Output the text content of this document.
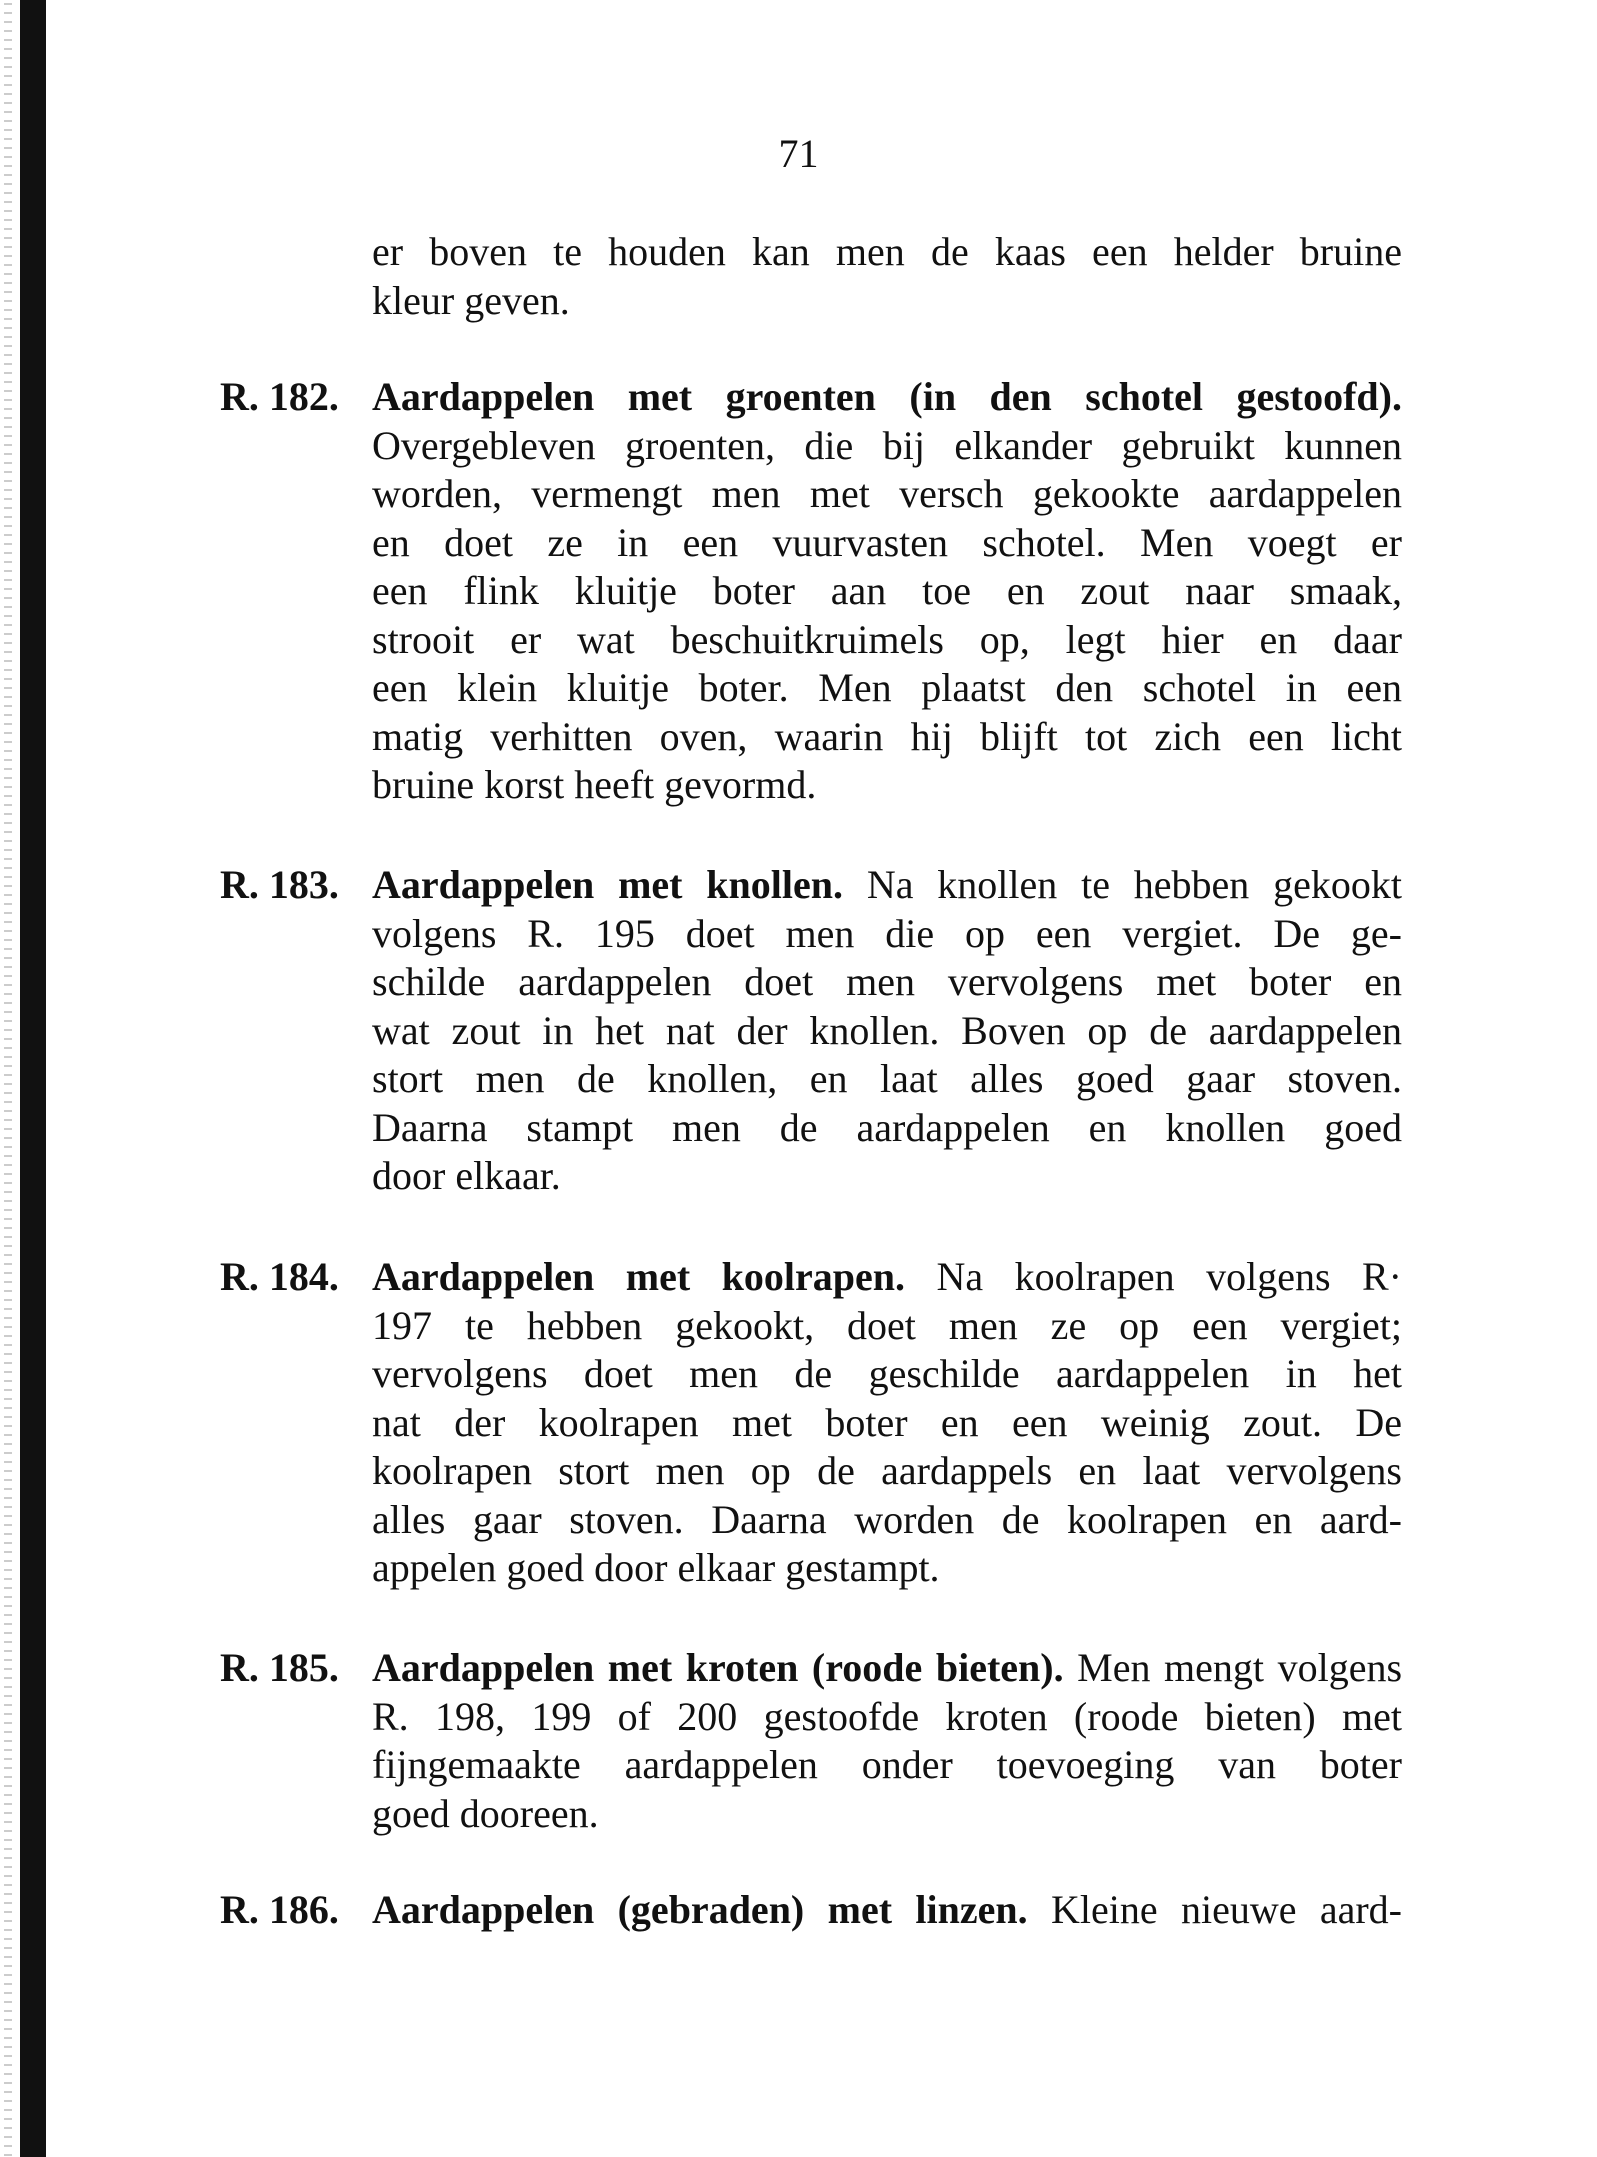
71
er boven te houden kan men de kaas een helder bruine
kleur geven.
R. 182. Aardappelen met groenten (in den schotel gestoofd).
Overgebleven groenten, die bij elkander gebruikt kunnen
worden, vermengt men met versch gekookte aardappelen
en doet ze in een vuurvasten schotel. Men voegt er
een flink kluitje boter aan toe en zout naar smaak,
strooit er wat beschuitkruimels op, legt hier en daar
een klein kluitje boter. Men plaatst den schotel in een
matig verhitten oven, waarin hij blijft tot zich een licht
bruine korst heeft gevormd.
R. 183. Aardappelen met knollen. Na knollen te hebben gekookt
volgens R. 195 doet men die op een vergiet. De ge-
schilde aardappelen doet men vervolgens met boter en
wat zout in het nat der knollen. Boven op de aardappelen
stort men de knollen, en laat alles goed gaar stoven.
Daarna stampt men de aardappelen en knollen goed
door elkaar.
R. 184. Aardappelen met koolrapen. Na koolrapen volgens R·
197 te hebben gekookt, doet men ze op een vergiet;
vervolgens doet men de geschilde aardappelen in het
nat der koolrapen met boter en een weinig zout. De
koolrapen stort men op de aardappels en laat vervolgens
alles gaar stoven. Daarna worden de koolrapen en aard-
appelen goed door elkaar gestampt.
R. 185. Aardappelen met kroten (roode bieten). Men mengt volgens
R. 198, 199 of 200 gestoofde kroten (roode bieten) met
fijngemaakte aardappelen onder toevoeging van boter
goed dooreen.
R. 186. Aardappelen (gebraden) met linzen. Kleine nieuwe aard-
